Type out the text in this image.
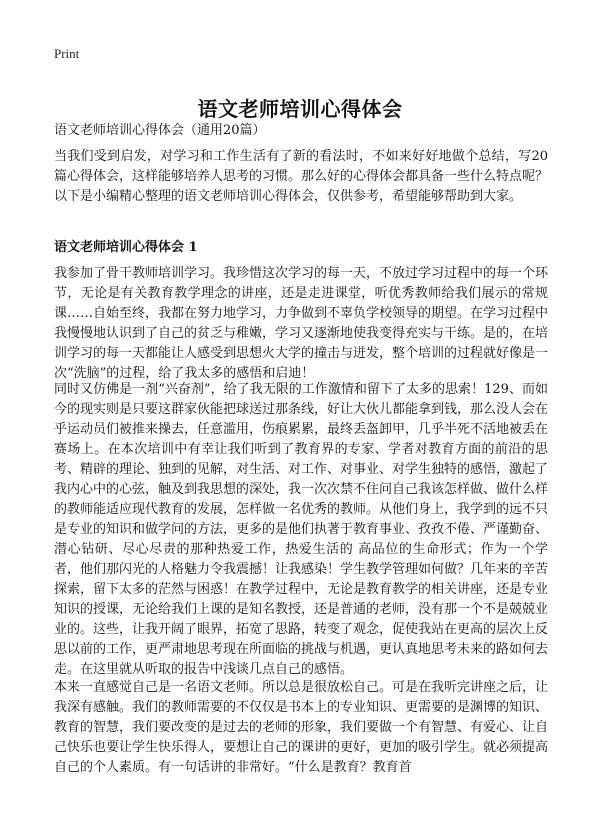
Print
语文老师培训心得体会
语文老师培训心得体会（通用20篇）

当我们受到启发，对学习和工作生活有了新的看法时，不如来好好地做个总结，写20篇心得体会，这样能够培养人思考的习惯。那么好的心得体会都具备一些什么特点呢？以下是小编精心整理的语文老师培训心得体会，仅供参考，希望能够帮助到大家。

语文老师培训心得体会 1

我参加了骨干教师培训学习。我珍惜这次学习的每一天，不放过学习过程中的每一个环节，无论是有关教育教学理念的讲座，还是走进课堂，听优秀教师给我们展示的常规课……自始至终，我都在努力地学习，力争做到不辜负学校领导的期望。在学习过程中我慢慢地认识到了自己的贫乏与稚嫩，学习又逐渐地使我变得充实与干练。是的，在培训学习的每一天都能让人感受到思想火大学的撞击与迸发，整个培训的过程就好像是一次“洗脑”的过程，给了我太多的感悟和启迪！

同时又仿佛是一剂“兴奋剂”，给了我无限的工作激情和留下了太多的思索！129、而如今的现实则是只要这群家伙能把球送过那条线，好让大伙儿都能拿到钱，那么没人会在乎运动员们被推来操去，任意滥用，伤痕累累，最终丢盔卸甲，几乎半死不活地被丢在赛场上。在本次培训中有幸让我们听到了教育界的专家、学者对教育方面的前沿的思考、精辟的理论、独到的见解，对生活、对工作、对事业、对学生独特的感悟，激起了我内心中的心弦，触及到我思想的深处，我一次次禁不住问自己我该怎样做、做什么样的教师能适应现代教育的发展，怎样做一名优秀的教师。从他们身上，我学到的远不只是专业的知识和做学问的方法，更多的是他们执著于教育事业、孜孜不倦、严谨勤奋、潜心钻研、尽心尽责的那种热爱工作，热爱生活的 高品位的生命形式；作为一个学者，他们那闪光的人格魅力令我震撼！让我感染！学生教学管理如何做？几年来的辛苦探索，留下太多的茫然与困惑！在教学过程中，无论是教育教学的相关讲座，还是专业知识的授课，无论给我们上课的是知名教授，还是普通的老师，没有那一个不是兢兢业业的。这些，让我开阔了眼界，拓宽了思路，转变了观念，促使我站在更高的层次上反思以前的工作，更严肃地思考现在所面临的挑战与机遇，更认真地思考未来的路如何去走。在这里就从听取的报告中浅谈几点自己的感悟。

本来一直感觉自己是一名语文老师。所以总是很放松自己。可是在我听完讲座之后，让我深有感触。我们的教师需要的不仅仅是书本上的专业知识、更需要的是渊博的知识、教育的智慧，我们要改变的是过去的老师的形象，我们要做一个有智慧、有爱心、让自己快乐也要让学生快乐得人，要想让自己的课讲的更好，更加的吸引学生。就必须提高自己的个人素质。有一句话讲的非常好。“什么是教育？教育首
